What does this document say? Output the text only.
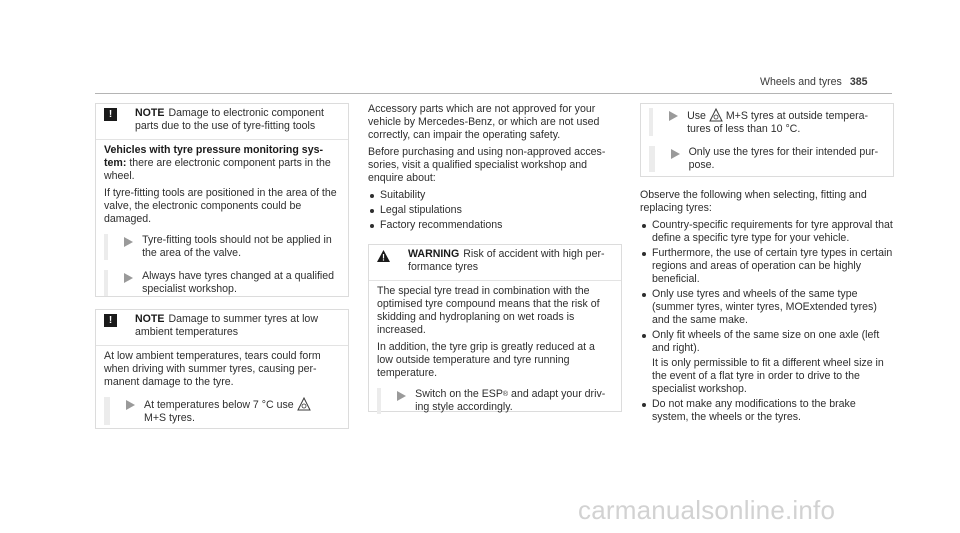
Wheels and tyres 385
!	NOTE Damage to electronic component parts due to the use of tyre-fitting tools

Vehicles with tyre pressure monitoring system: there are electronic component parts in the wheel.

If tyre-fitting tools are positioned in the area of the valve, the electronic components could be damaged.

Tyre-fitting tools should not be applied in the area of the valve.
Always have tyres changed at a qualified specialist workshop.
!	NOTE Damage to summer tyres at low ambient temperatures

At low ambient temperatures, tears could form when driving with summer tyres, causing permanent damage to the tyre.

At temperatures below 7 °C use
M+S tyres.

Accessory parts which are not approved for your vehicle by Mercedes-Benz, or which are not used correctly, can impair the operating safety.

Before purchasing and using non-approved accessories, visit a qualified specialist workshop and enquire about:

Suitability
Legal stipulations
Factory recommendations
WARNING Risk of accident with high performance tyres

The special tyre tread in combination with the optimised tyre compound means that the risk of skidding and hydroplaning on wet roads is increased.

In addition, the tyre grip is greatly reduced at a low outside temperature and tyre running temperature.

Switch on the ESP® and adapt your driving style accordingly.
Use M+S tyres at outside temperatures of less than 10 °C.
Only use the tyres for their intended purpose.

Observe the following when selecting, fitting and replacing tyres:

Country-specific requirements for tyre approval that define a specific tyre type for your vehicle.
Furthermore, the use of certain tyre types in certain regions and areas of operation can be highly beneficial.
Only use tyres and wheels of the same type (summer tyres, winter tyres, MOExtended tyres) and the same make.
Only fit wheels of the same size on one axle (left and right).

It is only permissible to fit a different wheel size in the event of a flat tyre in order to drive to the specialist workshop.
Do not make any modifications to the brake system, the wheels or the tyres.
carmanualsonline.info
